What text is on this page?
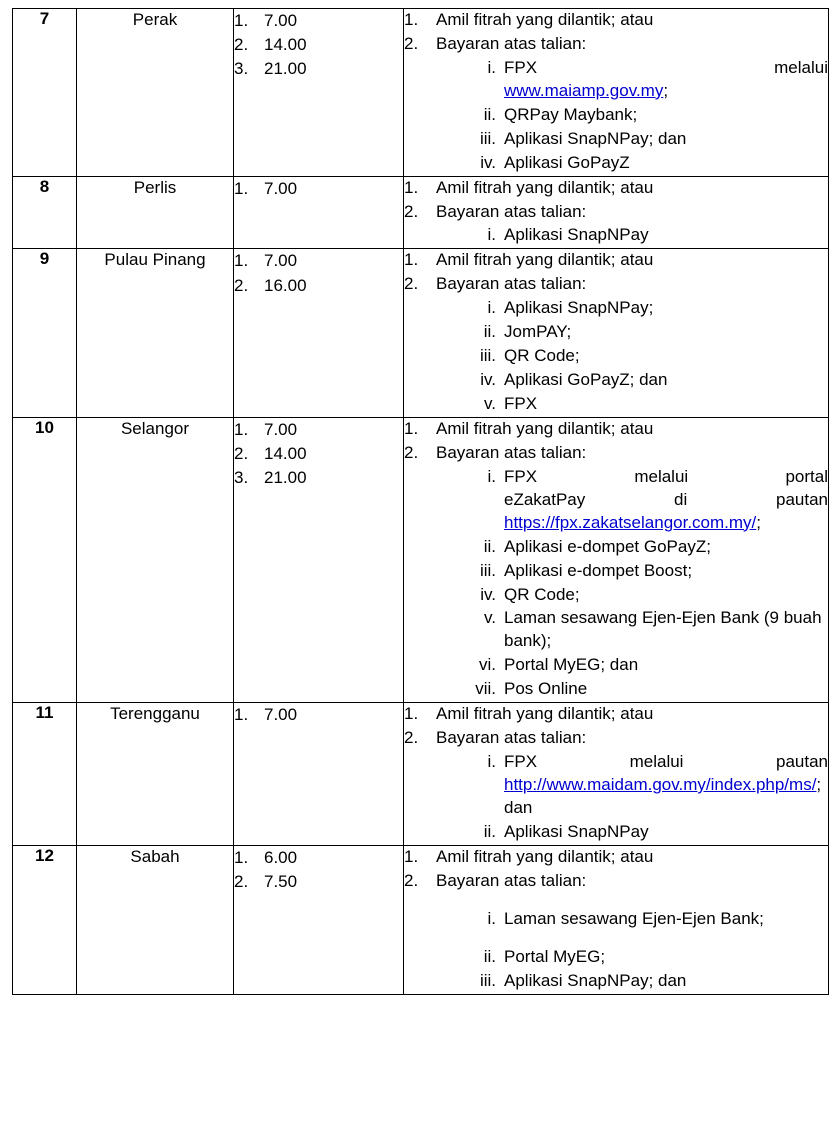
7	Perak	1. 7.00
2. 14.00
3. 21.00

1.	Amil fitrah yang dilantik; atau
2.	Bayaran atas talian:
i. FPX	melalui
www.maiamp.gov.my;
ii. QRPay Maybank;
iii. Aplikasi SnapNPay; dan
iv. Aplikasi GoPayZ

8	Perlis	1. 7.00	1.	Amil fitrah yang dilantik; atau
2.	Bayaran atas talian:
i. Aplikasi SnapNPay

9	Pulau Pinang	1. 7.00
2. 16.00

1.	Amil fitrah yang dilantik; atau
2.	Bayaran atas talian:
i. Aplikasi SnapNPay;
ii. JomPAY;
iii. QR Code;
iv. Aplikasi GoPayZ; dan
v. FPX

10	Selangor	1. 7.00
2. 14.00
3. 21.00

1.	Amil fitrah yang dilantik; atau
2.	Bayaran atas talian:
i. FPX	melalui	portal
eZakatPay	di	pautan
https://fpx.zakatselangor.com.my/;
ii. Aplikasi e-dompet GoPayZ;
iii. Aplikasi e-dompet Boost;
iv. QR Code;
v. Laman sesawang Ejen-Ejen Bank (9 buah bank);
vi. Portal MyEG; dan
vii. Pos Online

11	Terengganu	1. 7.00	1.	Amil fitrah yang dilantik; atau
2.	Bayaran atas talian:
i. FPX	melalui	pautan
http://www.maidam.gov.my/index.php/ms/; dan
ii. Aplikasi SnapNPay

12	Sabah	1. 6.00
2. 7.50

1.	Amil fitrah yang dilantik; atau
2.	Bayaran atas talian:
i. Laman sesawang Ejen-Ejen Bank;
ii. Portal MyEG;
iii. Aplikasi SnapNPay; dan
